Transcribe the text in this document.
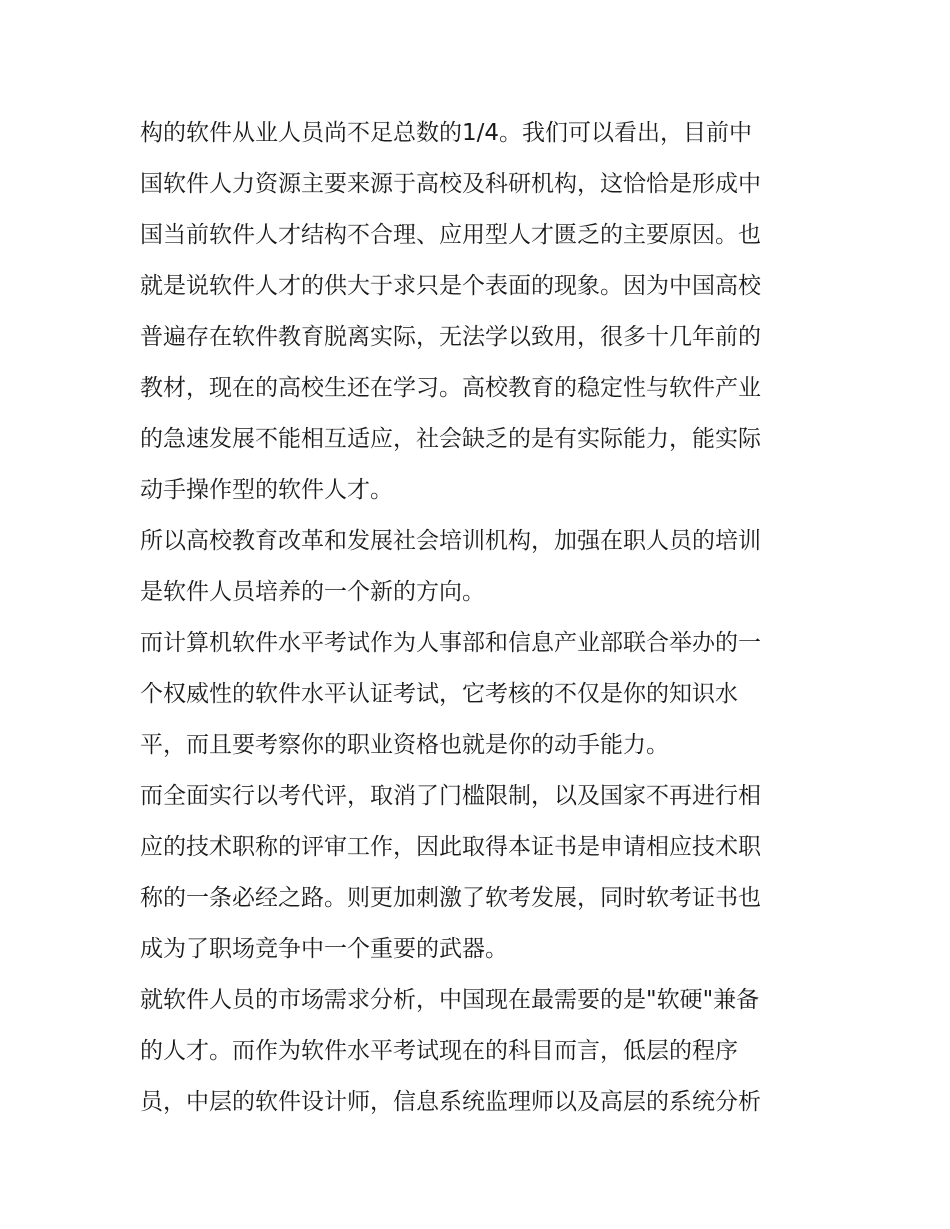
构的软件从业人员尚不足总数的1/4。我们可以看出，目前中
国软件人力资源主要来源于高校及科研机构，这恰恰是形成中
国当前软件人才结构不合理、应用型人才匮乏的主要原因。也
就是说软件人才的供大于求只是个表面的现象。因为中国高校
普遍存在软件教育脱离实际，无法学以致用，很多十几年前的
教材，现在的高校生还在学习。高校教育的稳定性与软件产业
的急速发展不能相互适应，社会缺乏的是有实际能力，能实际
动手操作型的软件人才。
所以高校教育改革和发展社会培训机构，加强在职人员的培训
是软件人员培养的一个新的方向。
而计算机软件水平考试作为人事部和信息产业部联合举办的一
个权威性的软件水平认证考试，它考核的不仅是你的知识水
平，而且要考察你的职业资格也就是你的动手能力。
而全面实行以考代评，取消了门槛限制，以及国家不再进行相
应的技术职称的评审工作，因此取得本证书是申请相应技术职
称的一条必经之路。则更加刺激了软考发展，同时软考证书也
成为了职场竞争中一个重要的武器。
就软件人员的市场需求分析，中国现在最需要的是"软硬"兼备
的人才。而作为软件水平考试现在的科目而言，低层的程序
员，中层的软件设计师，信息系统监理师以及高层的系统分析
